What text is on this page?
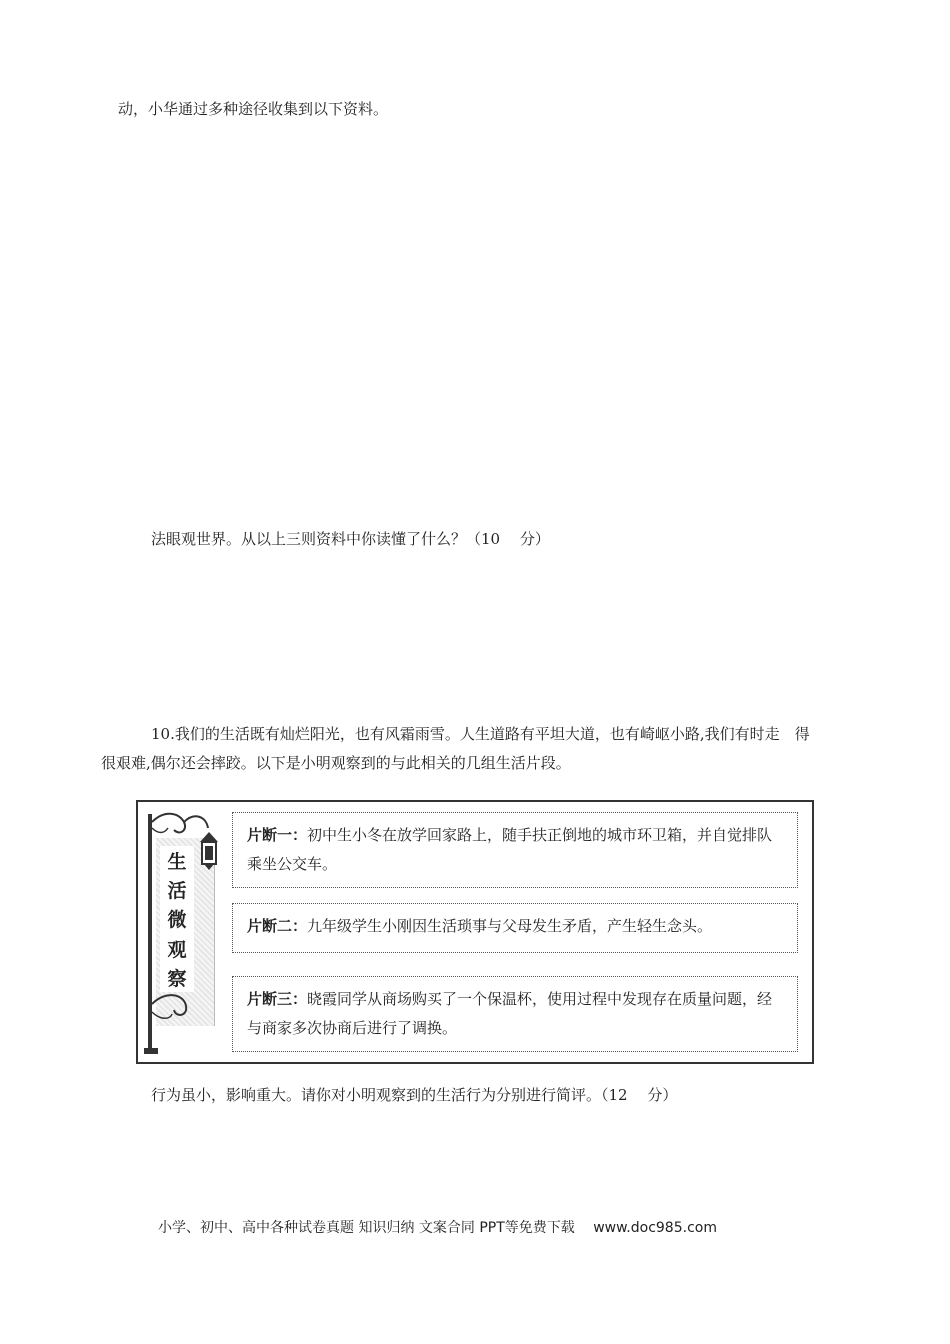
动，小华通过多种途径收集到以下资料。
法眼观世界。从以上三则资料中你读懂了什么？（10　 分）
10.我们的生活既有灿烂阳光，也有风霜雨雪。人生道路有平坦大道，也有崎岖小路,我们有时走　得
很艰难,偶尔还会摔跤。以下是小明观察到的与此相关的几组生活片段。
生
活
微
观
察
片断一：初中生小冬在放学回家路上，随手扶正倒地的城市环卫箱，并自觉排队乘坐公交车。
片断二：九年级学生小刚因生活琐事与父母发生矛盾，产生轻生念头。
片断三：晓霞同学从商场购买了一个保温杯，使用过程中发现存在质量问题，经与商家多次协商后进行了调换。
行为虽小，影响重大。请你对小明观察到的生活行为分别进行简评。（12　 分）
小学、初中、高中各种试卷真题 知识归纳 文案合同 PPT等免费下载　 www.doc985.com
